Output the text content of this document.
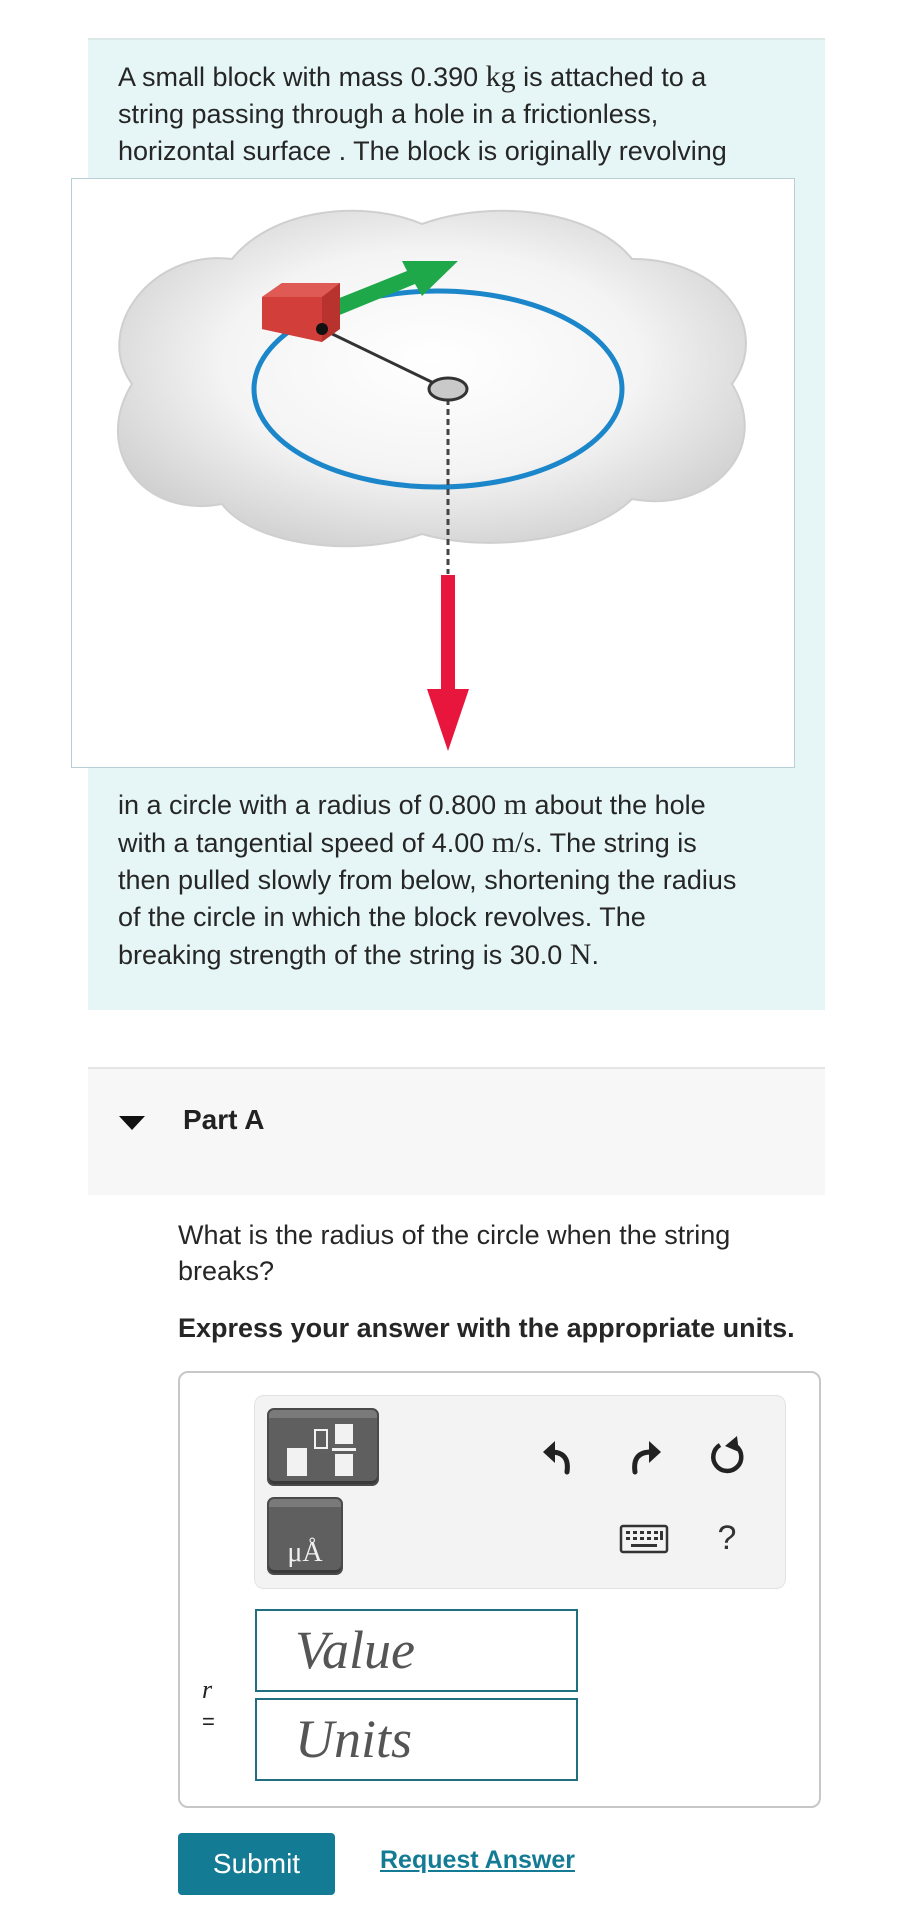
A small block with mass 0.390 kg is attached to a
string passing through a hole in a frictionless,
horizontal surface . The block is originally revolving
in a circle with a radius of 0.800 m about the hole
with a tangential speed of 4.00 m/s. The string is
then pulled slowly from below, shortening the radius
of the circle in which the block revolves. The
breaking strength of the string is 30.0 N.
Part A
What is the radius of the circle when the string
breaks?
Express your answer with the appropriate units.
μÅ	?
r
=
Value
Units
Submit	Request Answer
